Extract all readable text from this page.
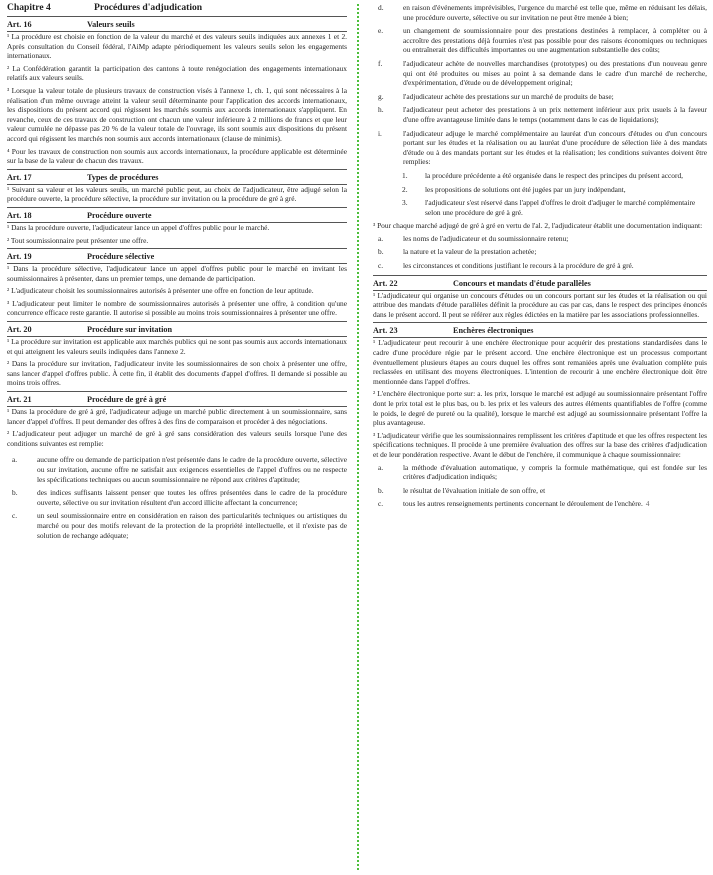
Chapitre 4	Procédures d'adjudication
Art. 16	Valeurs seuils

¹ La procédure est choisie en fonction de la valeur du marché et des valeurs seuils indiquées aux annexes 1 et 2. Après consultation du Conseil fédéral, l'AiMp adapte périodiquement les valeurs seuils selon les engagements internationaux.

² La Confédération garantit la participation des cantons à toute renégociation des engagements internationaux relatifs aux valeurs seuils.

³ Lorsque la valeur totale de plusieurs travaux de construction visés à l'annexe 1, ch. 1, qui sont nécessaires à la réalisation d'un même ouvrage atteint la valeur seuil déterminante pour l'application des accords internationaux, les dispositions du présent accord qui régissent les marchés soumis aux accords internationaux s'appliquent. En revanche, ceux de ces travaux de construction ont chacun une valeur inférieure à 2 millions de francs et que leur valeur cumulée ne dépasse pas 20 % de la valeur totale de l'ouvrage, ils sont soumis aux dispositions du présent accord qui régissent les marchés non soumis aux accords internationaux (clause de minimis).

⁴ Pour les travaux de construction non soumis aux accords internationaux, la procédure applicable est déterminée sur la base de la valeur de chacun des travaux.

Art. 17	Types de procédures

¹ Suivant sa valeur et les valeurs seuils, un marché public peut, au choix de l'adjudicateur, être adjugé selon la procédure ouverte, la procédure sélective, la procédure sur invitation ou la procédure de gré à gré.

Art. 18	Procédure ouverte

¹ Dans la procédure ouverte, l'adjudicateur lance un appel d'offres public pour le marché.

² Tout soumissionnaire peut présenter une offre.

Art. 19	Procédure sélective

¹ Dans la procédure sélective, l'adjudicateur lance un appel d'offres public pour le marché en invitant les soumissionnaires à présenter, dans un premier temps, une demande de participation.

² L'adjudicateur choisit les soumissionnaires autorisés à présenter une offre en fonction de leur aptitude.

³ L'adjudicateur peut limiter le nombre de soumissionnaires autorisés à présenter une offre, à condition qu'une concurrence efficace reste garantie. Il autorise si possible au moins trois soumissionnaires à présenter une offre.

Art. 20	Procédure sur invitation

¹ La procédure sur invitation est applicable aux marchés publics qui ne sont pas soumis aux accords internationaux et qui atteignent les valeurs seuils indiquées dans l'annexe 2.

² Dans la procédure sur invitation, l'adjudicateur invite les soumissionnaires de son choix à présenter une offre, sans lancer d'appel d'offres public. À cette fin, il établit des documents d'appel d'offres. Il demande si possible au moins trois offres.

Art. 21	Procédure de gré à gré

¹ Dans la procédure de gré à gré, l'adjudicateur adjuge un marché public directement à un soumissionnaire, sans lancer d'appel d'offres. Il peut demander des offres à des fins de comparaison et procéder à des négociations.

² L'adjudicateur peut adjuger un marché de gré à gré sans considération des valeurs seuils lorsque l'une des conditions suivantes est remplie:

a.	aucune offre ou demande de participation n'est présentée dans le cadre de la procédure ouverte, sélective ou sur invitation, aucune offre ne satisfait aux exigences essentielles de l'appel d'offres ou ne respecte les spécifications techniques ou aucun soumissionnaire ne répond aux critères d'aptitude;
b.	des indices suffisants laissent penser que toutes les offres présentées dans le cadre de la procédure ouverte, sélective ou sur invitation résultent d'un accord illicite affectant la concurrence;
c.	un seul soumissionnaire entre en considération en raison des particularités techniques ou artistiques du marché ou pour des motifs relevant de la protection de la propriété intellectuelle, et il n'existe pas de solution de rechange adéquate;
d.	en raison d'événements imprévisibles, l'urgence du marché est telle que, même en réduisant les délais, une procédure ouverte, sélective ou sur invitation ne peut être menée à bien;
e.	un changement de soumissionnaire pour des prestations destinées à remplacer, à compléter ou à accroître des prestations déjà fournies n'est pas possible pour des raisons économiques ou techniques ou entraînerait des difficultés importantes ou une augmentation substantielle des coûts;
f.	l'adjudicateur achète de nouvelles marchandises (prototypes) ou des prestations d'un nouveau genre qui ont été produites ou mises au point à sa demande dans le cadre d'un marché de recherche, d'expérimentation, d'étude ou de développement original;
g.	l'adjudicateur achète des prestations sur un marché de produits de base;
h.	l'adjudicateur peut acheter des prestations à un prix nettement inférieur aux prix usuels à la faveur d'une offre avantageuse limitée dans le temps (notamment dans le cas de liquidations);
i.	l'adjudicateur adjuge le marché complémentaire au lauréat d'un concours d'études ou d'un concours portant sur les études et la réalisation ou au lauréat d'une procédure de sélection liée à des mandats d'étude ou à des mandats portant sur les études et la réalisation; les conditions suivantes doivent être remplies:
1.	la procédure précédente a été organisée dans le respect des principes du présent accord,
2.	les propositions de solutions ont été jugées par un jury indépendant,
3.	l'adjudicateur s'est réservé dans l'appel d'offres le droit d'adjuger le marché complémentaire selon une procédure de gré à gré.

³ Pour chaque marché adjugé de gré à gré en vertu de l'al. 2, l'adjudicateur établit une documentation indiquant:

a.	les noms de l'adjudicateur et du soumissionnaire retenu;
b.	la nature et la valeur de la prestation achetée;
c.	les circonstances et conditions justifiant le recours à la procédure de gré à gré.
Art. 22	Concours et mandats d'étude parallèles

¹ L'adjudicateur qui organise un concours d'études ou un concours portant sur les études et la réalisation ou qui attribue des mandats d'étude parallèles définit la procédure au cas par cas, dans le respect des principes énoncés dans le présent accord. Il peut se référer aux règles édictées en la matière par les associations professionnelles.

Art. 23	Enchères électroniques

¹ L'adjudicateur peut recourir à une enchère électronique pour acquérir des prestations standardisées dans le cadre d'une procédure régie par le présent accord. Une enchère électronique est un processus comportant éventuellement plusieurs étapes au cours duquel les offres sont remaniées après une évaluation complète puis reclassées en utilisant des moyens électroniques. L'intention de recourir à une enchère électronique doit être mentionnée dans l'appel d'offres.

² L'enchère électronique porte sur: a. les prix, lorsque le marché est adjugé au soumissionnaire présentant l'offre dont le prix total est le plus bas, ou b. les prix et les valeurs des autres éléments quantifiables de l'offre (comme le poids, le degré de pureté ou la qualité), lorsque le marché est adjugé au soumissionnaire présentant l'offre la plus avantageuse.

³ L'adjudicateur vérifie que les soumissionnaires remplissent les critères d'aptitude et que les offres respectent les spécifications techniques. Il procède à une première évaluation des offres sur la base des critères d'adjudication et de leur pondération respective. Avant le début de l'enchère, il communique à chaque soumissionnaire:

a.	la méthode d'évaluation automatique, y compris la formule mathématique, qui est fondée sur les critères d'adjudication indiqués;
b.	le résultat de l'évaluation initiale de son offre, et
c.	tous les autres renseignements pertinents concernant le déroulement de l'enchère. 4
